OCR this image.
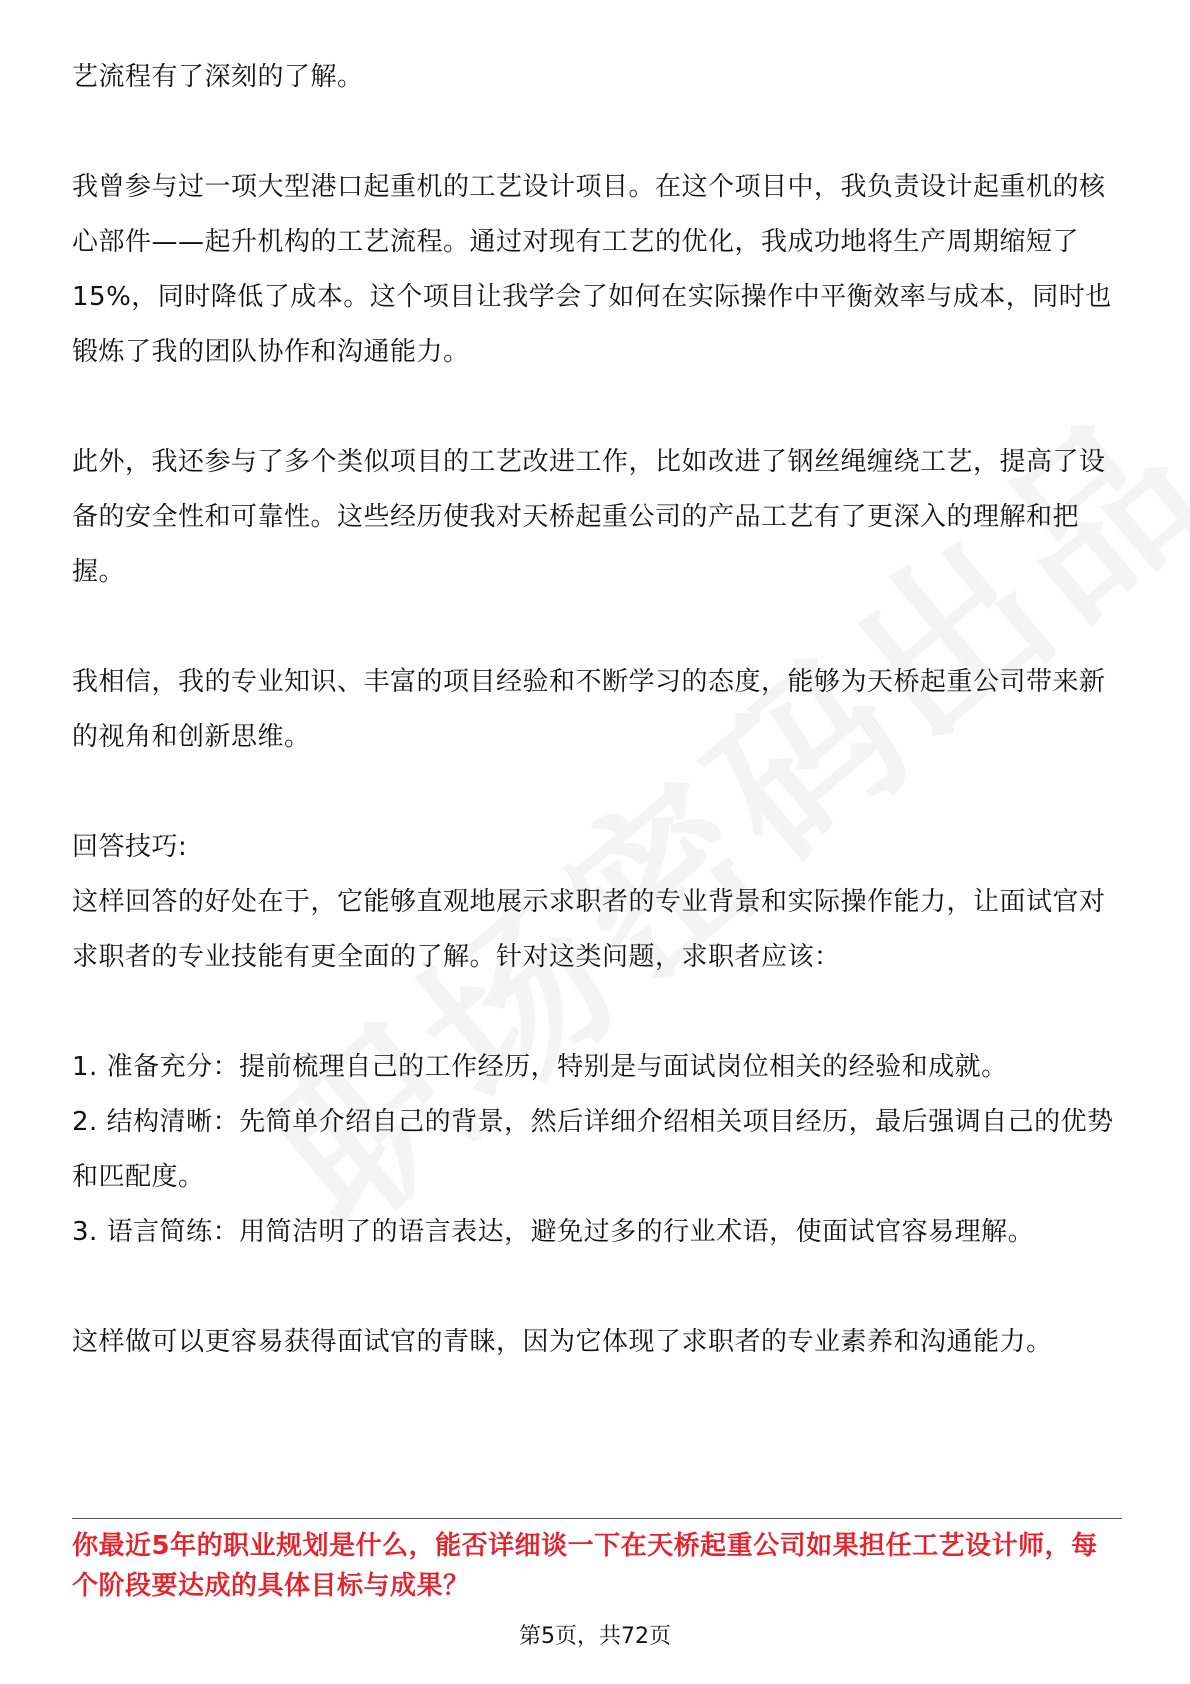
艺流程有了深刻的了解。

我曾参与过一项大型港口起重机的工艺设计项目。在这个项目中，我负责设计起重机的核心部件——起升机构的工艺流程。通过对现有工艺的优化，我成功地将生产周期缩短了15%，同时降低了成本。这个项目让我学会了如何在实际操作中平衡效率与成本，同时也锻炼了我的团队协作和沟通能力。

此外，我还参与了多个类似项目的工艺改进工作，比如改进了钢丝绳缠绕工艺，提高了设备的安全性和可靠性。这些经历使我对天桥起重公司的产品工艺有了更深入的理解和把握。

我相信，我的专业知识、丰富的项目经验和不断学习的态度，能够为天桥起重公司带来新的视角和创新思维。

回答技巧:

这样回答的好处在于，它能够直观地展示求职者的专业背景和实际操作能力，让面试官对求职者的专业技能有更全面的了解。针对这类问题，求职者应该：

1. 准备充分：提前梳理自己的工作经历，特别是与面试岗位相关的经验和成就。

2. 结构清晰：先简单介绍自己的背景，然后详细介绍相关项目经历，最后强调自己的优势和匹配度。

3. 语言简练：用简洁明了的语言表达，避免过多的行业术语，使面试官容易理解。

这样做可以更容易获得面试官的青睐，因为它体现了求职者的专业素养和沟通能力。

你最近5年的职业规划是什么，能否详细谈一下在天桥起重公司如果担任工艺设计师，每个阶段要达成的具体目标与成果？
第5页，共72页
